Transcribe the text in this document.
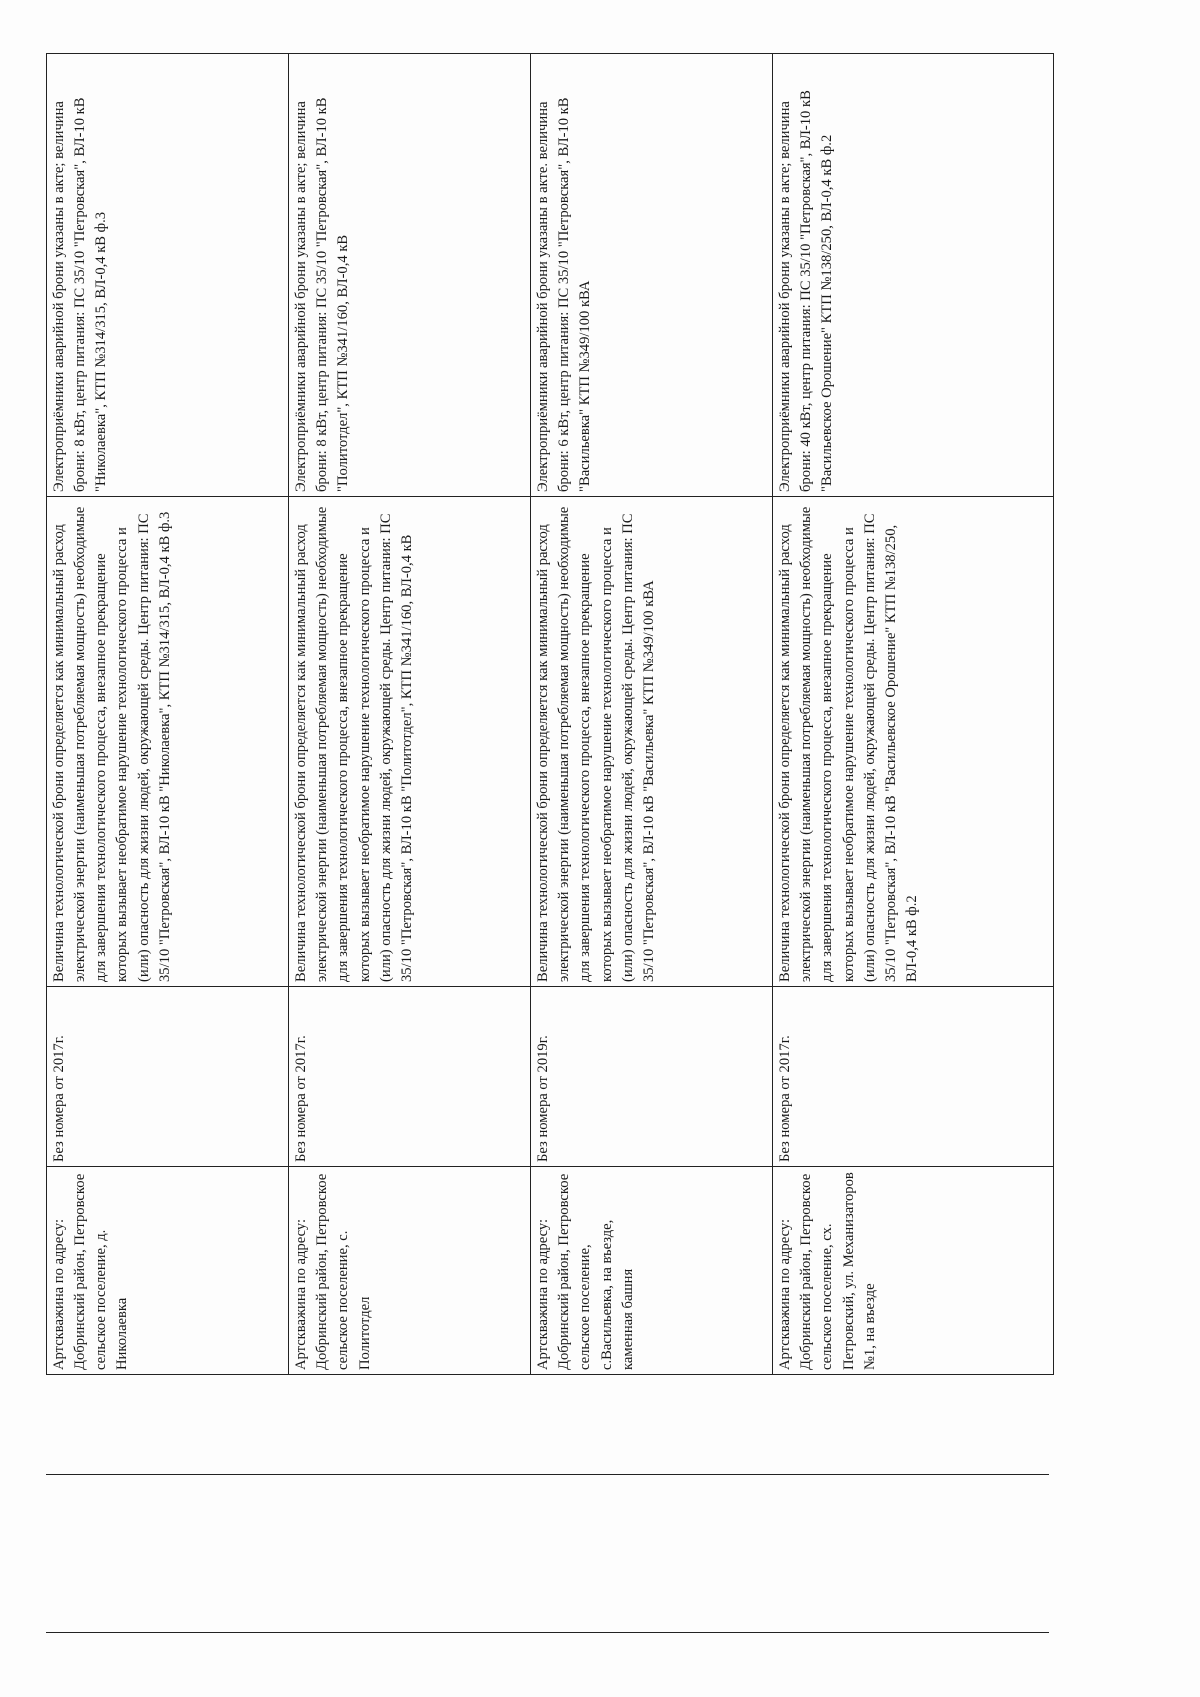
Артскважина по адресу: Добринский район, Петровское сельское поселение, д. Николаевка	Без номера от 2017г.	Величина технологической брони определяется как минимальный расход электрической энергии (наименьшая потребляемая мощность) необходимые для завершения технологического процесса, внезапное прекращение которых вызывает необратимое нарушение технологического процесса и (или) опасность для жизни людей, окружающей среды. Центр питания: ПС 35/10 "Петровская", ВЛ-10 кВ "Николаевка", КТП №314/315, ВЛ-0,4 кВ ф.3	Электроприёмники аварийной брони указаны в акте; величина брони: 8 кВт, центр питания: ПС 35/10 "Петровская", ВЛ-10 кВ "Николаевка", КТП №314/315, ВЛ-0,4 кВ ф.3

Артскважина по адресу: Добринский район, Петровское сельское поселение, с. Политотдел	Без номера от 2017г.	Величина технологической брони определяется как минимальный расход электрической энергии (наименьшая потребляемая мощность) необходимые для завершения технологического процесса, внезапное прекращение которых вызывает необратимое нарушение технологического процесса и (или) опасность для жизни людей, окружающей среды. Центр питания: ПС 35/10 "Петровская", ВЛ-10 кВ "Политотдел", КТП №341/160, ВЛ-0,4 кВ	Электроприёмники аварийной брони указаны в акте; величина брони: 8 кВт, центр питания: ПС 35/10 "Петровская", ВЛ-10 кВ "Политотдел", КТП №341/160, ВЛ-0,4 кВ

Артскважина по адресу: Добринский район, Петровское сельское поселение, с.Васильевка, на въезде, каменная башня	Без номера от 2019г.	Величина технологической брони определяется как минимальный расход электрической энергии (наименьшая потребляемая мощность) необходимые для завершения технологического процесса, внезапное прекращение которых вызывает необратимое нарушение технологического процесса и (или) опасность для жизни людей, окружающей среды. Центр питания: ПС 35/10 "Петровская", ВЛ-10 кВ "Васильевка" КТП №349/100 кВА	Электроприёмники аварийной брони указаны в акте. величина брони: 6 кВт, центр питания: ПС 35/10 "Петровская", ВЛ-10 кВ "Васильевка" КТП №349/100 кВА

Артскважина по адресу: Добринский район, Петровское сельское поселение, сх. Петровский, ул. Механизаторов №1, на въезде	Без номера от 2017г.	Величина технологической брони определяется как минимальный расход электрической энергии (наименьшая потребляемая мощность) необходимые для завершения технологического процесса, внезапное прекращение которых вызывает необратимое нарушение технологического процесса и (или) опасность для жизни людей, окружающей среды. Центр питания: ПС 35/10 "Петровская", ВЛ-10 кВ "Васильевское Орошение" КТП №138/250, ВЛ-0,4 кВ ф.2	Электроприёмники аварийной брони указаны в акте; величина брони: 40 кВт, центр питания: ПС 35/10 "Петровская", ВЛ-10 кВ "Васильевское Орошение" КТП №138/250, ВЛ-0,4 кВ ф.2
